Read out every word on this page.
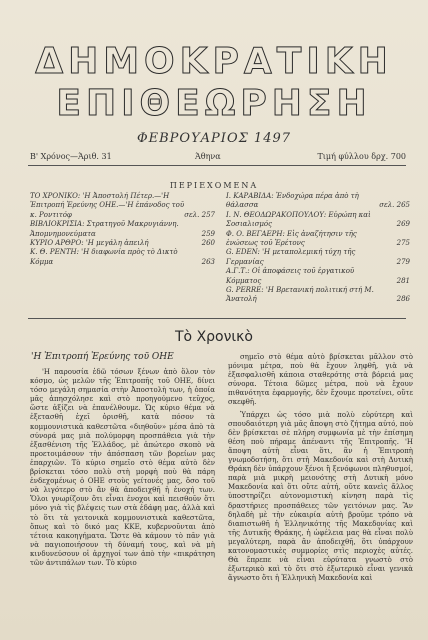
ΔΗΜΟΚΡΑΤΙΚΗ
ΕΠΙΘΕΩΡΗΣΗ
ΦΕΒΡΟΥΑΡΙΟΣ 1497
Β' Χρόνος—Άριθ. 31	Άθηνα	Τιμή φύλλου δρχ. 700
ΠΕΡΙΕΧΟΜΕΝΑ
ΤΟ ΧΡΟΝΙΚΟ: 'Η Ἀποστολή Πέτερ.—'Η Ἐπιτροπή Ἐρεύνης ΟΗΕ.—'Η ἐπάνοδος τοῦ κ. Ροντιτόφ	σελ. 257
ΒΙΒΛΙΟΚΡΙΣΙΑ: Στρατηγοῦ Μακρυγιάννη. Ἀπομνημονεύματα	259
ΚΥΡΙΟ ΑΡΘΡΟ: 'Η μεγάλη ἀπειλή	260
Κ. Θ. ΡΕΝΤΗ: 'Η διαφωνία πρὸς τὸ Δικτὸ Κόμμα	263
Ι. ΚΑΡΑΒΙΔΑ: Ἐνδοχώρα πέρα ἀπὸ τὴ θάλασσα	σελ. 265
Ι. Ν. ΘΕΟΔΩΡΑΚΟΠΟΥΛΟΥ: Εὐρώπη καὶ Σοσιαλισμός	269
Φ. Ο. ΒΕΓΑΕΡΗ: Εἰς ἀναζήτησιν τῆς ἑνώσεως τοῦ Ἐρέτονς	275
G. EDEN: 'Η μεταπολεμική τύχη τῆς Γερμανίας	279
Α.Γ.Τ.: Οἱ ἀποφάσεις τοῦ ἐργατικοῦ Κόμματος	281
G. PERRE: 'Η Βρετανική πολιτική στή Μ. Ἀνατολή	286
Τὸ Χρονικὸ
'Η Ἐπιτροπή Ἐρεύνης τοῦ ΟΗΕ

'Η παρουσία ἐδῶ τόσων ξένων ἀπὸ ὅλον τὸν κόσμο, ὡς μελῶν τῆς Ἐπιτροπῆς τοῦ ΟΗΕ, δίνει τόσο μεγάλη σημασία στὴν Ἀποστολὴ των, ἡ ὁποία μᾶς ἀπησχόλησε καὶ στὸ προηγούμενο τεῦχος, ὥστε ἀξίζει νὰ ἐπανέλθουμε. Ὡς κύριο θέμα νὰ ἐξετασθῆ ἐχεῖ ὁρισθῆ, κατὰ πόσον τὰ κομμουνιστικὰ καθεστῶτα «διηθοῦν» μέσα ἀπὸ τὰ σύνορά μας μιὰ πολύμορφη προσπάθεια γιὰ τὴν ἐξασθένιση τῆς Ἑλλάδος, μὲ ἀπώτερο σκοπὸ νὰ προετοιμάσουν τὴν ἀπόσπαση τῶν βορείων μας ἐπαρχιῶν. Τὸ κύριο σημεῖο στὸ θέμα αὐτὸ δὲν βρίσκεται τόσο πολὺ στὴ μορφὴ ποὺ θὰ πάρη ἐνδεχομένως ὁ ΟΗΕ στοὺς γείτονές μας, ὅσο τοῦ νὰ λιγότερο στὸ ἂν θὰ ἀποδειχθῆ ἡ ἐνοχή των. Ὅλοι γνωρίζουν ὅτι εἶναι ἐνοχοι καὶ πεισθοῦν ὅτι μόνο γιὰ τὶς βλέψεις των στὰ ἐδάφη μας, ἀλλὰ καὶ τὸ ὅτι τὰ γειτονικὰ κομμουνιστικὰ καθεστῶτα, ὅπως καὶ τὸ δικό μας ΚΚΕ, κυβερνοῦνται ἀπὸ τέτοια κακοηγήματα. Ὥστε θὰ κάμουν τὸ πᾶν γιὰ νὰ παγιοποιήσουν τὴ δύναμή τους, καὶ νὰ μὴ κινδυνεύσουν οἱ ἀρχηγοί των ἀπὸ τὴν «πικράτηση τῶν ἀντιπάλων των. Τὸ κύριο

σημεῖο στὸ θέμα αὐτὸ βρίσκεται μᾶλλον στὸ μόνιμα μέτρα, ποὺ θὰ ἔχουν ληφθῆ, γιὰ νὰ ἐξασφαλισθῆ κάποια σταθερότης στὰ βόρειά μας σύνορα. Τέτοια δῶμες μέτρα, ποὺ νὰ ἔχουν πιθανότητα ἐφαρμογῆς, δὲν ἔχουμε προτείνει, οὔτε σκεφθῆ.

Ὑπάρχει ὡς τόσο μιὰ πολὺ εὐρύτερη καὶ σπουδαιότερη γιὰ μᾶς ἄποψη στὸ ζήτημα αὐτό, ποὺ δὲν βρίσκεται σὲ πλήρη συμφωνία μὲ τὴν ἐπίσημη θέση ποὺ πήραμε ἀπέναντι τῆς Ἐπιτροπῆς. 'Η ἄποψη αὐτὴ εἶναι ὅτι, ἂν ἡ Ἐπιτροπὴ γνωμοδοτήση, ὅτι στὴ Μακεδονία καὶ στὴ Δυτικὴ Θράκη δὲν ὑπάρχουν ξένοι ἢ ξενόφωνοι πληθυσμοί, παρὰ μιὰ μικρὴ μειονότης στὴ Δυτικὴ μόνο Μακεδονία καὶ ὅτι οὔτε αὐτή, οὔτε κανεὶς ἄλλος ὑποστηρίζει αὐτονομιστικὴ κίνηση παρὰ τὶς δραστήριες προσπάθειες τῶν γειτόνων μας. Ἂν δηλαδὴ μὲ τὴν εὐκαιρία αὐτὴ βροῦμε τρόπο νὰ διαπιστωθῆ ἡ Ἑλληνικότης τῆς Μακεδονίας καὶ τῆς Δυτικῆς Θράκης, ἡ ὠφέλεια μας θὰ εἶναι πολὺ μεγαλύτερη, παρὰ ἂν ἀποδειχθῆ, ὅτι ὑπάρχουν κατονομαστικὲς συμμορίες στὶς περιοχὲς αὐτές. Θὰ ἔπρεπε νὰ εἶναι εὐρύτατα γνωστὸ στὸ ἐξωτερικὸ καὶ τὸ ὅτι στὸ ἐξωτερικὸ εἶναι γενικὰ ἄγνωστο ὅτι ἡ Ἑλληνικὴ Μακεδονία καὶ
